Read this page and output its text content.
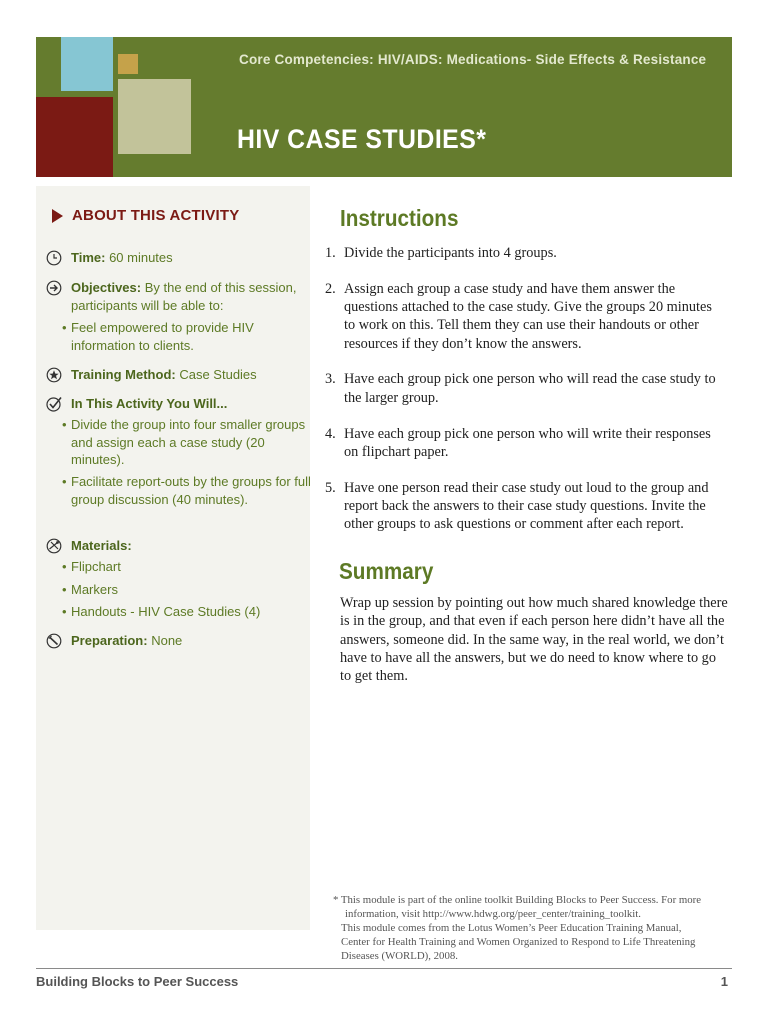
Core Competencies: HIV/AIDS: Medications- Side Effects & Resistance
HIV CASE STUDIES*
ABOUT THIS ACTIVITY
Time: 60 minutes
Objectives: By the end of this session, participants will be able to:
• Feel empowered to provide HIV information to clients.
Training Method: Case Studies
In This Activity You Will...
• Divide the group into four smaller groups and assign each a case study (20 minutes).
• Facilitate report-outs by the groups for full group discussion (40 minutes).
Materials:
• Flipchart
• Markers
• Handouts - HIV Case Studies (4)
Preparation: None
Instructions
1. Divide the participants into 4 groups.
2. Assign each group a case study and have them answer the questions attached to the case study. Give the groups 20 minutes to work on this. Tell them they can use their handouts or other resources if they don’t know the answers.
3. Have each group pick one person who will read the case study to the larger group.
4. Have each group pick one person who will write their responses on flipchart paper.
5. Have one person read their case study out loud to the group and report back the answers to their case study questions. Invite the other groups to ask questions or comment after each report.
Summary
Wrap up session by pointing out how much shared knowledge there is in the group, and that even if each person here didn’t have all the answers, someone did. In the same way, in the real world, we don’t have to have all the answers, but we do need to know where to go to get them.
* This module is part of the online toolkit Building Blocks to Peer Success. For more
information, visit http://www.hdwg.org/peer_center/training_toolkit.
This module comes from the Lotus Women’s Peer Education Training Manual,
Center for Health Training and Women Organized to Respond to Life Threatening
Diseases (WORLD), 2008.
Building Blocks to Peer Success	1
